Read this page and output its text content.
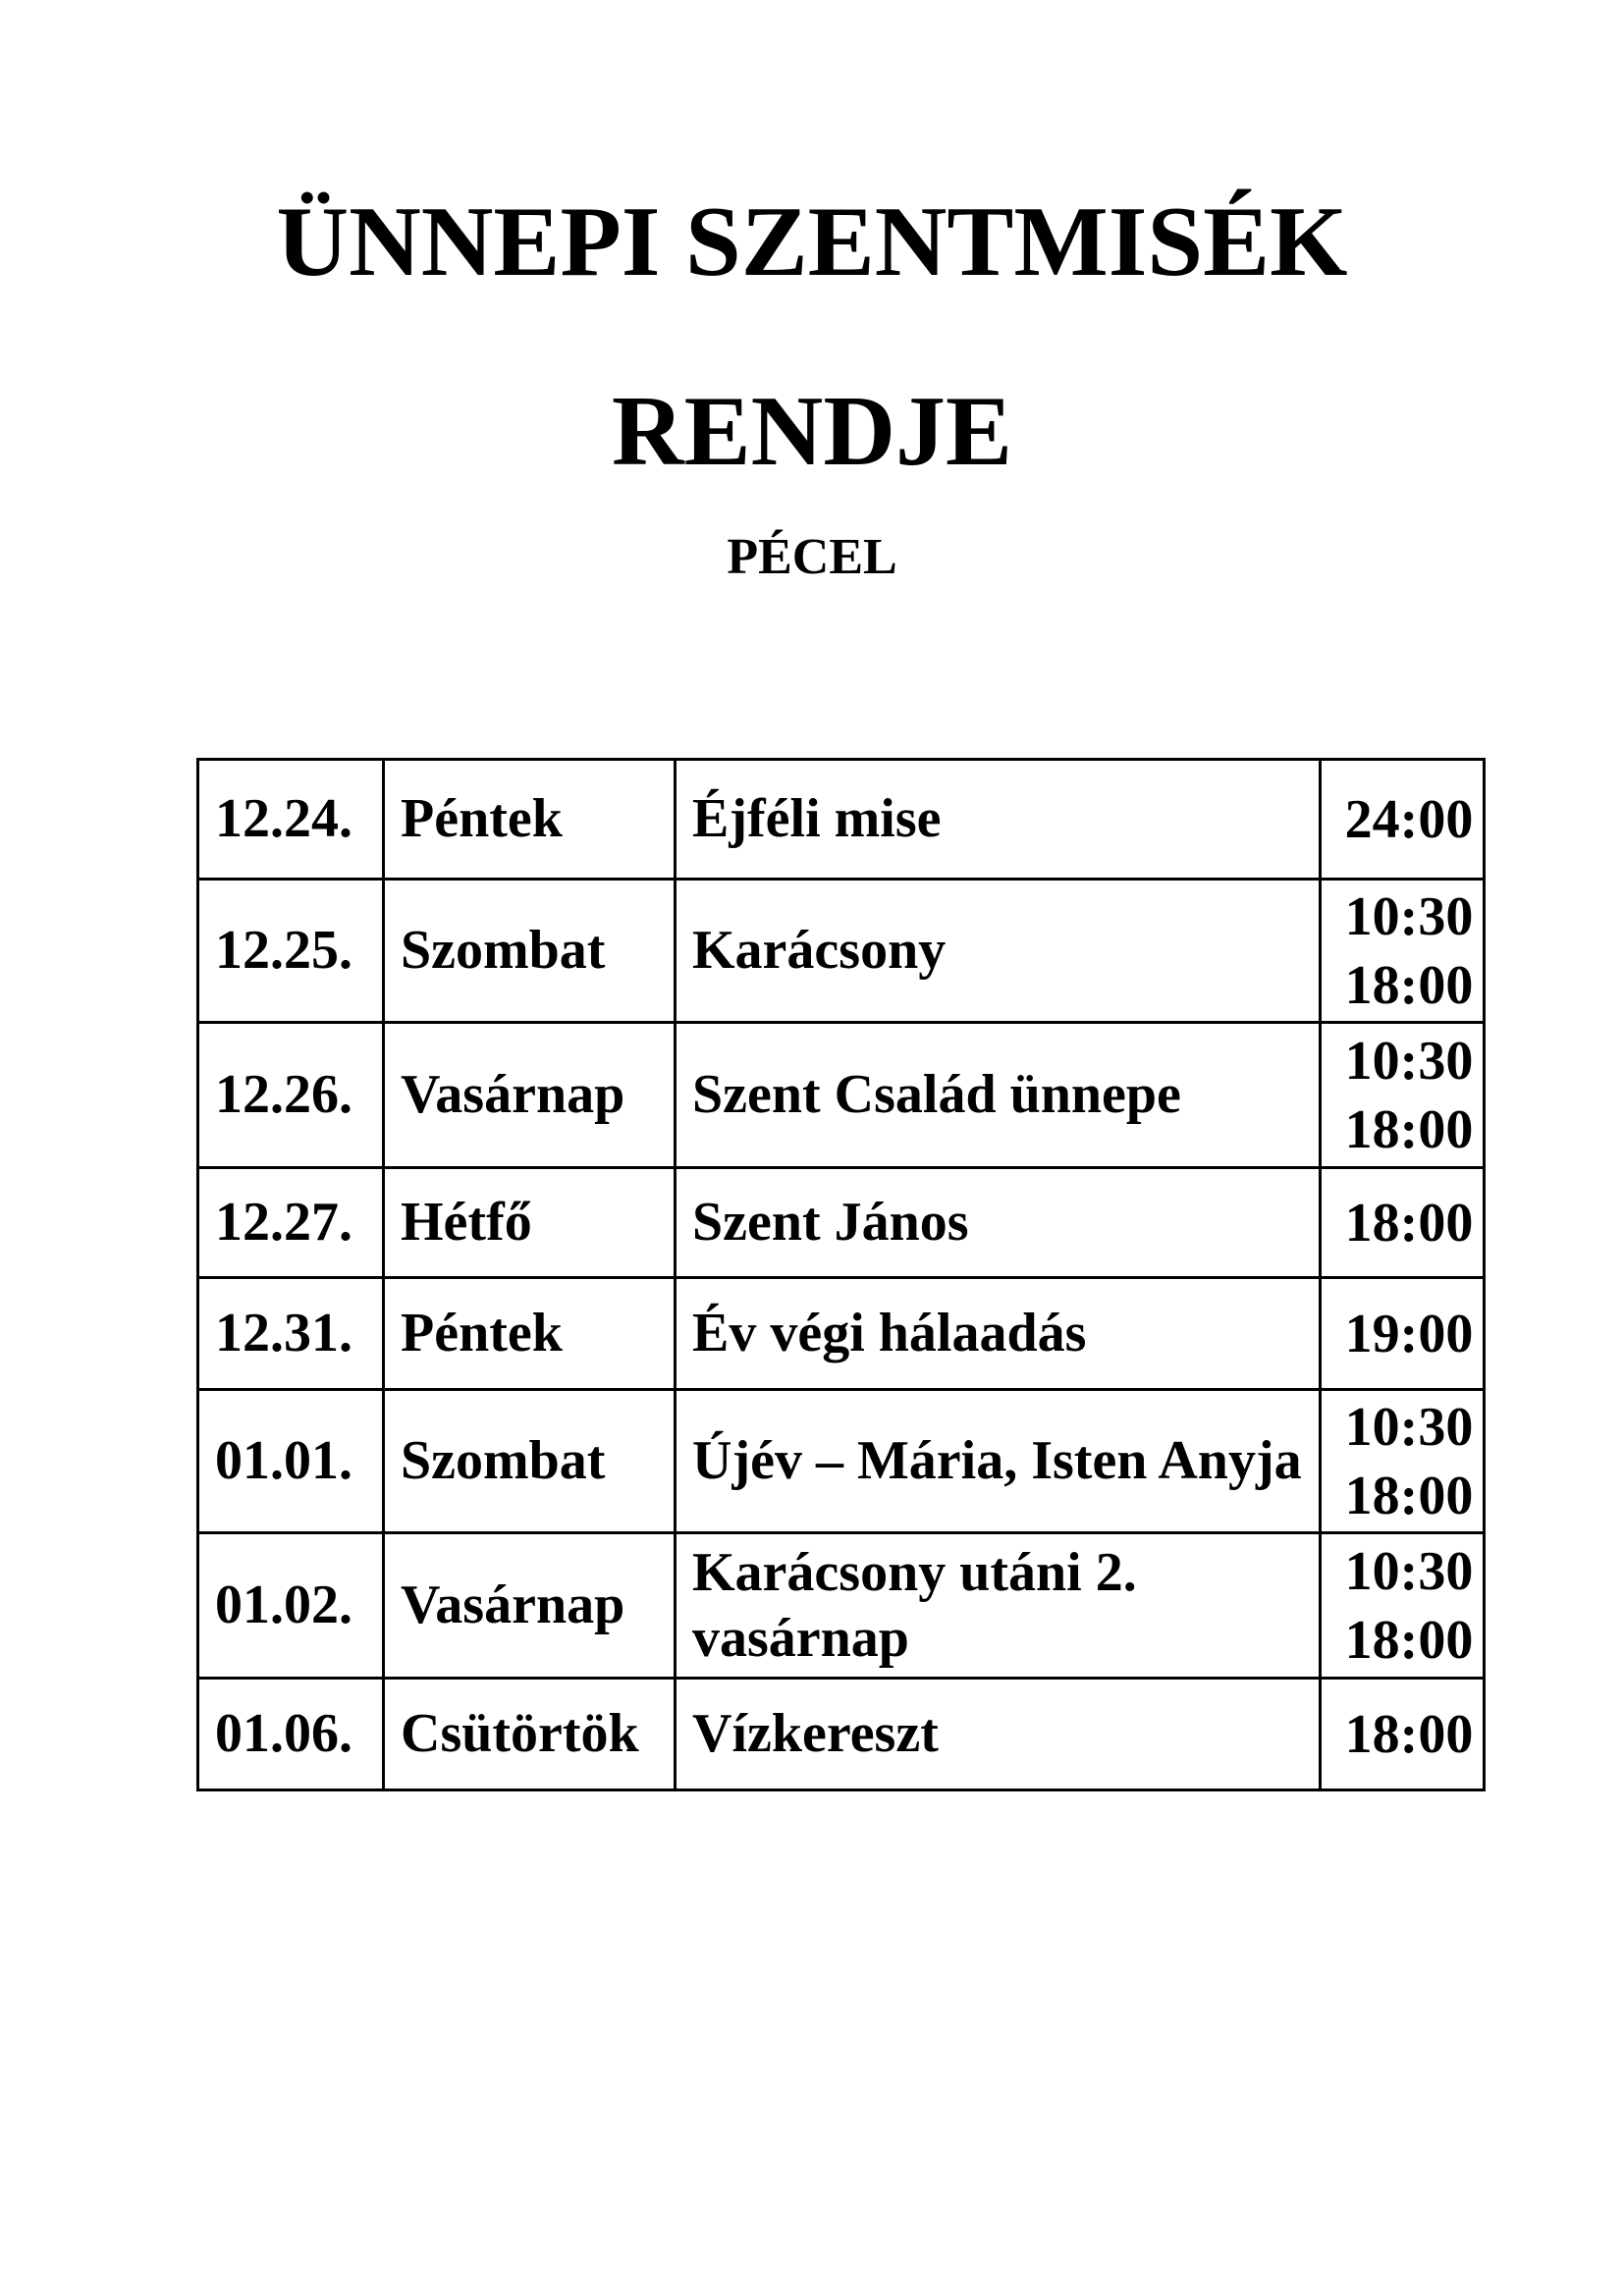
ÜNNEPI SZENTMISÉK
RENDJE
PÉCEL
12.24.	Péntek	Éjféli mise	24:00

12.25.	Szombat	Karácsony	10:30
18:00

12.26.	Vasárnap	Szent Család ünnepe	10:30
18:00

12.27.	Hétfő	Szent János	18:00

12.31.	Péntek	Év végi hálaadás	19:00

01.01.	Szombat	Újév – Mária, Isten Anyja	10:30
18:00

01.02.	Vasárnap	Karácsony utáni 2. vasárnap	10:30
18:00

01.06.	Csütörtök	Vízkereszt	18:00
